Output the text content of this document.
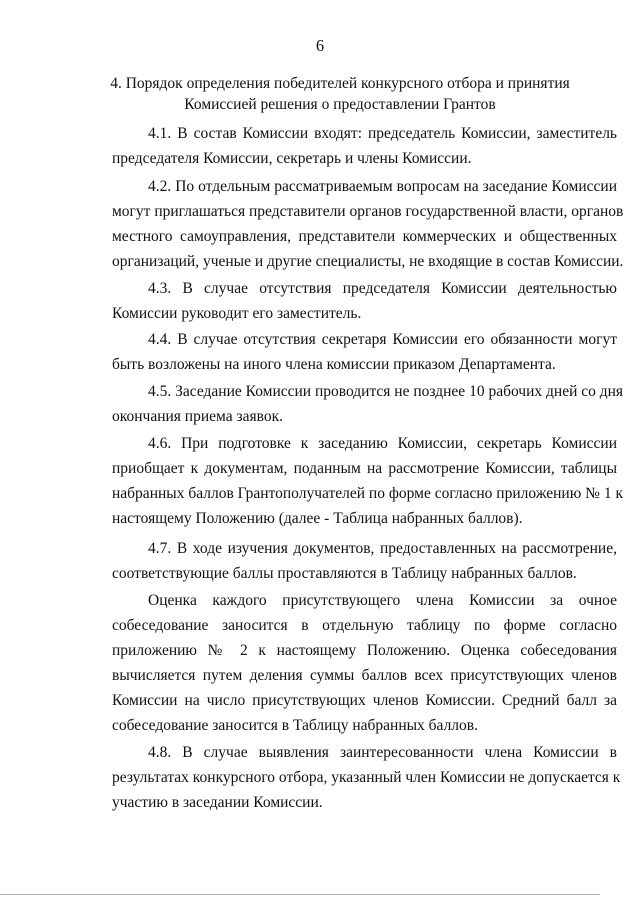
6
4. Порядок определения победителей конкурсного отбора и принятия
Комиссией решения о предоставлении Грантов
4.1. В состав Комиссии входят: председатель Комиссии, заместитель
председателя Комиссии, секретарь и члены Комиссии.
4.2. По отдельным рассматриваемым вопросам на заседание Комиссии
могут приглашаться представители органов государственной власти, органов
местного самоуправления, представители коммерческих и общественных
организаций, ученые и другие специалисты, не входящие в состав Комиссии.
4.3. В случае отсутствия председателя Комиссии деятельностью
Комиссии руководит его заместитель.
4.4. В случае отсутствия секретаря Комиссии его обязанности могут
быть возложены на иного члена комиссии приказом Департамента.
4.5. Заседание Комиссии проводится не позднее 10 рабочих дней со дня
окончания приема заявок.
4.6. При подготовке к заседанию Комиссии, секретарь Комиссии
приобщает к документам, поданным на рассмотрение Комиссии, таблицы
набранных баллов Грантополучателей по форме согласно приложению № 1 к
настоящему Положению (далее - Таблица набранных баллов).
4.7. В ходе изучения документов, предоставленных на рассмотрение,
соответствующие баллы проставляются в Таблицу набранных баллов.
Оценка каждого присутствующего члена Комиссии за очное
собеседование заносится в отдельную таблицу по форме согласно
приложению № 2 к настоящему Положению. Оценка собеседования
вычисляется путем деления суммы баллов всех присутствующих членов
Комиссии на число присутствующих членов Комиссии. Средний балл за
собеседование заносится в Таблицу набранных баллов.
4.8. В случае выявления заинтересованности члена Комиссии в
результатах конкурсного отбора, указанный член Комиссии не допускается к
участию в заседании Комиссии.
